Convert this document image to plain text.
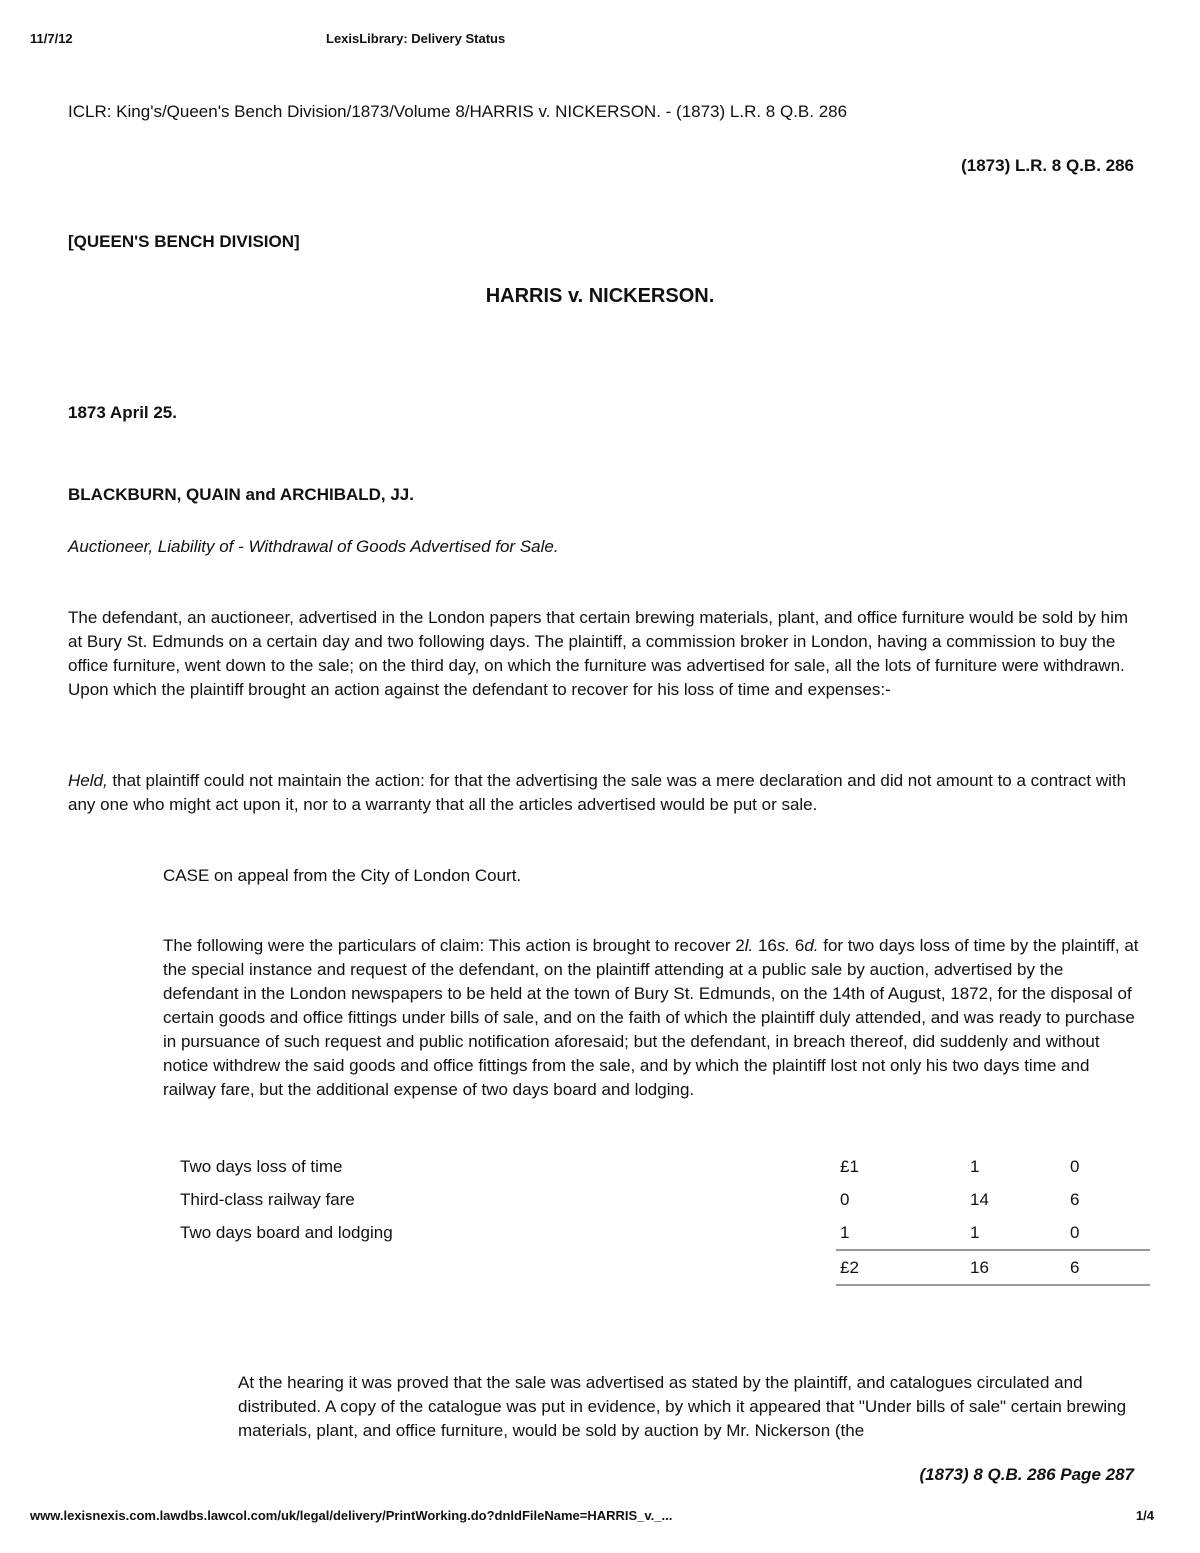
11/7/12	LexisLibrary: Delivery Status
ICLR: King's/Queen's Bench Division/1873/Volume 8/HARRIS v. NICKERSON. - (1873) L.R. 8 Q.B. 286
(1873) L.R. 8 Q.B. 286
[QUEEN'S BENCH DIVISION]
HARRIS v. NICKERSON.
1873 April 25.
BLACKBURN, QUAIN and ARCHIBALD, JJ.
Auctioneer, Liability of - Withdrawal of Goods Advertised for Sale.
The defendant, an auctioneer, advertised in the London papers that certain brewing materials, plant, and office furniture would be sold by him at Bury St. Edmunds on a certain day and two following days. The plaintiff, a commission broker in London, having a commission to buy the office furniture, went down to the sale; on the third day, on which the furniture was advertised for sale, all the lots of furniture were withdrawn. Upon which the plaintiff brought an action against the defendant to recover for his loss of time and expenses:-
Held, that plaintiff could not maintain the action: for that the advertising the sale was a mere declaration and did not amount to a contract with any one who might act upon it, nor to a warranty that all the articles advertised would be put or sale.
CASE on appeal from the City of London Court.
The following were the particulars of claim: This action is brought to recover 2l. 16s. 6d. for two days loss of time by the plaintiff, at the special instance and request of the defendant, on the plaintiff attending at a public sale by auction, advertised by the defendant in the London newspapers to be held at the town of Bury St. Edmunds, on the 14th of August, 1872, for the disposal of certain goods and office fittings under bills of sale, and on the faith of which the plaintiff duly attended, and was ready to purchase in pursuance of such request and public notification aforesaid; but the defendant, in breach thereof, did suddenly and without notice withdrew the said goods and office fittings from the sale, and by which the plaintiff lost not only his two days time and railway fare, but the additional expense of two days board and lodging.
Two days loss of time	£1	1	0
Third-class railway fare	0	14	6
Two days board and lodging	1	1	0
	£2	16	6
At the hearing it was proved that the sale was advertised as stated by the plaintiff, and catalogues circulated and distributed. A copy of the catalogue was put in evidence, by which it appeared that "Under bills of sale" certain brewing materials, plant, and office furniture, would be sold by auction by Mr. Nickerson (the
(1873) 8 Q.B. 286 Page 287
www.lexisnexis.com.lawdbs.lawcol.com/uk/legal/delivery/PrintWorking.do?dnldFileName=HARRIS_v._...	1/4
